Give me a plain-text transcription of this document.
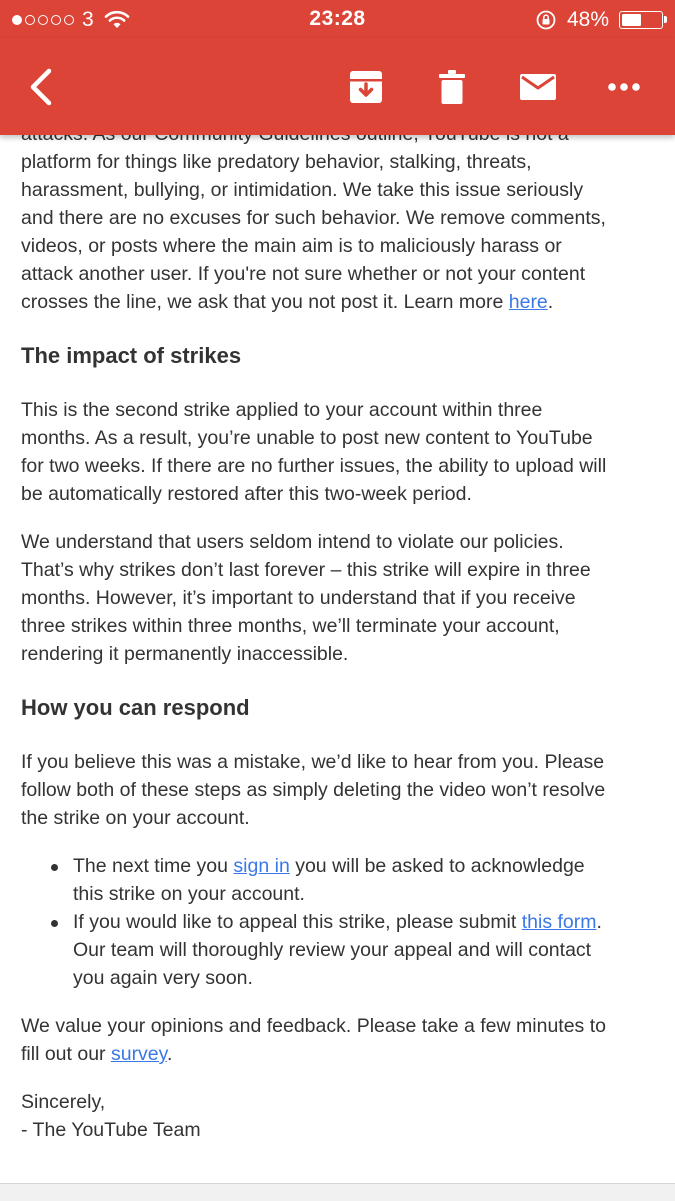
3	23:28	48%

platform for things like predatory behavior, stalking, threats,

harassment, bullying, or intimidation. We take this issue seriously

and there are no excuses for such behavior. We remove comments,

videos, or posts where the main aim is to maliciously harass or

attack another user. If you're not sure whether or not your content

crosses the line, we ask that you not post it. Learn more here.

The impact of strikes

This is the second strike applied to your account within three

months. As a result, you’re unable to post new content to YouTube

for two weeks. If there are no further issues, the ability to upload will

be automatically restored after this two-week period.

We understand that users seldom intend to violate our policies.

That’s why strikes don’t last forever – this strike will expire in three

months. However, it’s important to understand that if you receive

three strikes within three months, we’ll terminate your account,

rendering it permanently inaccessible.

How you can respond

If you believe this was a mistake, we’d like to hear from you. Please

follow both of these steps as simply deleting the video won’t resolve

the strike on your account.

The next time you sign in you will be asked to acknowledge

this strike on your account.

If you would like to appeal this strike, please submit this form.

Our team will thoroughly review your appeal and will contact

you again very soon.

We value your opinions and feedback. Please take a few minutes to

fill out our survey.

Sincerely,

- The YouTube Team
